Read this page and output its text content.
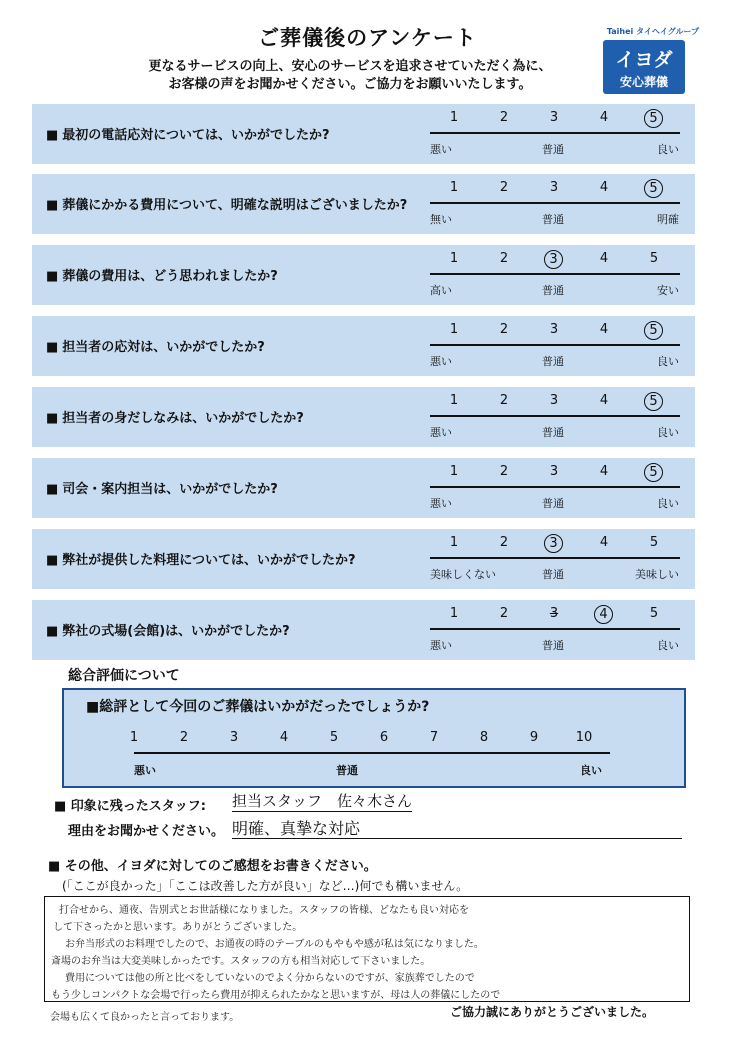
ご葬儀後のアンケート
更なるサービスの向上、安心のサービスを追求させていただく為に、
お客様の声をお聞かせください。ご協力をお願いいたします。
Taihei タイヘイグループ
イヨダ
安心葬儀
■ 最初の電話応対については、いかがでしたか?
1	2	3	4	5
悪い	普通	良い
■ 葬儀にかかる費用について、明確な説明はございましたか?
1	2	3	4	5
無い	普通	明確
■ 葬儀の費用は、どう思われましたか?
1	2	3	4	5
高い	普通	安い
■ 担当者の応対は、いかがでしたか?
1	2	3	4	5
悪い	普通	良い
■ 担当者の身だしなみは、いかがでしたか?
1	2	3	4	5
悪い	普通	良い
■ 司会・案内担当は、いかがでしたか?
1	2	3	4	5
悪い	普通	良い
■ 弊社が提供した料理については、いかがでしたか?
1	2	3	4	5
美味しくない	普通	美味しい
■ 弊社の式場(会館)は、いかがでしたか?
1	2	3	4	5
悪い	普通	良い
総合評価について
■総評として今回のご葬儀はいかがだったでしょうか?
1	2	3	4	5	6	7	8	9	10
悪い	普通	良い
■ 印象に残ったスタッフ: 担当スタッフ　佐々木さん
理由をお聞かせください。 明確、真摯な対応
■ その他、イヨダに対してのご感想をお書きください。
(「ここが良かった」「ここは改善した方が良い」など…)何でも構いません。
打合せから、通夜、告別式とお世話様になりました。スタッフの皆様、どなたも良い対応を
して下さったかと思います。ありがとうございました。
お弁当形式のお料理でしたので、お通夜の時のテーブルのもやもや感が私は気になりました。
斎場のお弁当は大変美味しかったです。スタッフの方も相当対応して下さいました。
費用については他の所と比べをしていないのでよく分からないのですが、家族葬でしたので
もう少しコンパクトな会場で行ったら費用が抑えられたかなと思いますが、母は人の葬儀にしたので
会場も広くて良かったと言っております。	ご協力誠にありがとうございました。
